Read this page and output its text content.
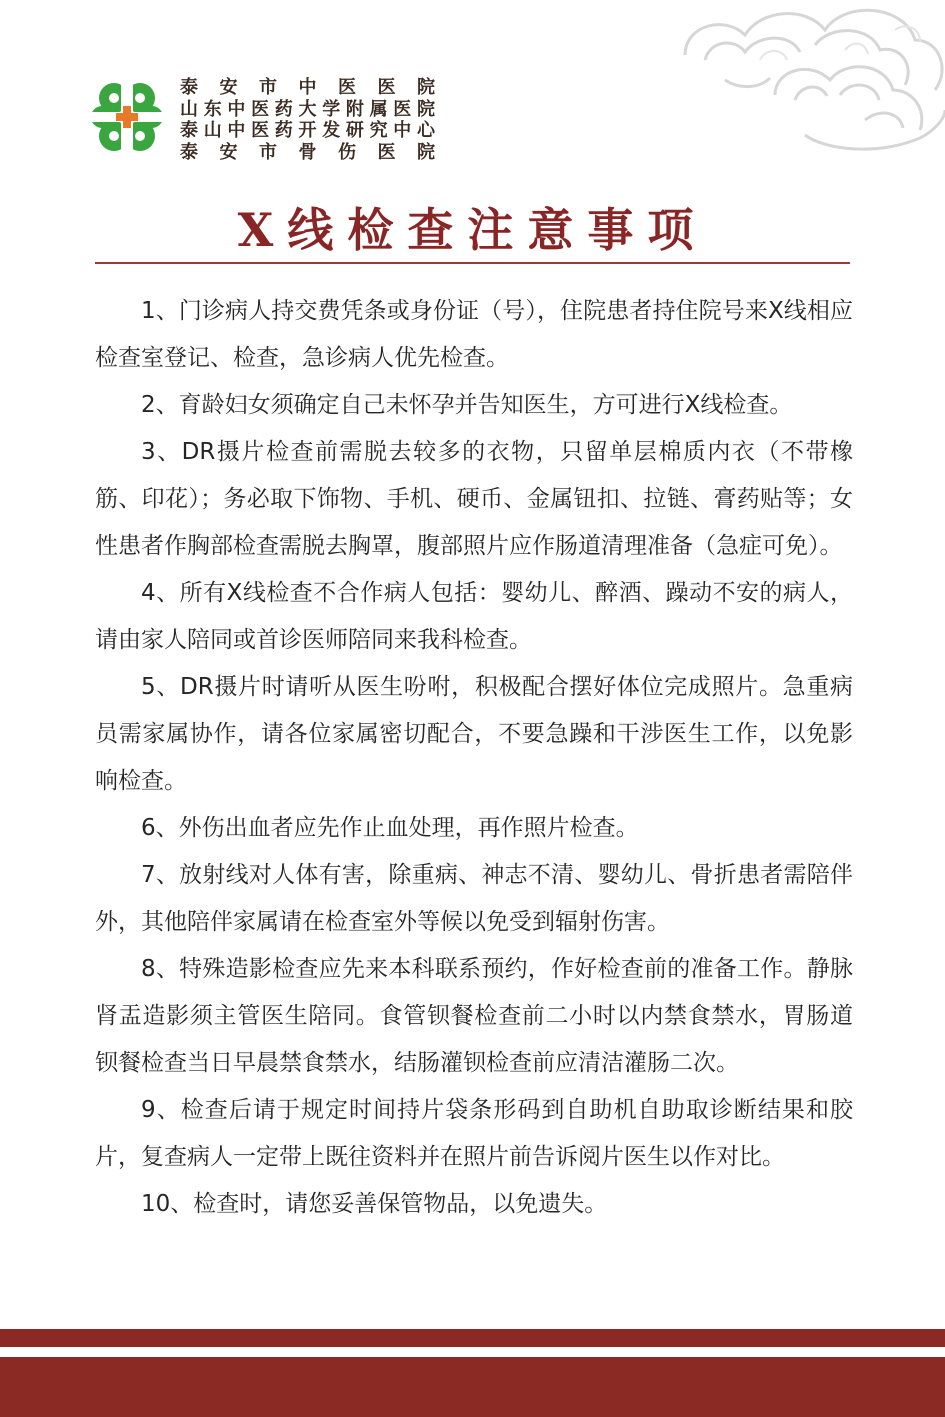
泰安市中医医院
山东中医药大学附属医院
泰山中医药开发研究中心
泰安市骨伤医院
X线检查注意事项

1、门诊病人持交费凭条或身份证（号），住院患者持住院号来X线相应检查室登记、检查，急诊病人优先检查。

2、育龄妇女须确定自己未怀孕并告知医生，方可进行X线检查。

3、DR摄片检查前需脱去较多的衣物，只留单层棉质内衣（不带橡筋、印花）；务必取下饰物、手机、硬币、金属钮扣、拉链、膏药贴等；女性患者作胸部检查需脱去胸罩，腹部照片应作肠道清理准备（急症可免）。

4、所有X线检查不合作病人包括：婴幼儿、醉酒、躁动不安的病人，请由家人陪同或首诊医师陪同来我科检查。

5、DR摄片时请听从医生吩咐，积极配合摆好体位完成照片。急重病员需家属协作，请各位家属密切配合，不要急躁和干涉医生工作，以免影响检查。

6、外伤出血者应先作止血处理，再作照片检查。

7、放射线对人体有害，除重病、神志不清、婴幼儿、骨折患者需陪伴外，其他陪伴家属请在检查室外等候以免受到辐射伤害。

8、特殊造影检查应先来本科联系预约，作好检查前的准备工作。静脉肾盂造影须主管医生陪同。食管钡餐检查前二小时以内禁食禁水，胃肠道钡餐检查当日早晨禁食禁水，结肠灌钡检查前应清洁灌肠二次。

9、检查后请于规定时间持片袋条形码到自助机自助取诊断结果和胶片，复查病人一定带上既往资料并在照片前告诉阅片医生以作对比。

10、检查时，请您妥善保管物品，以免遗失。
